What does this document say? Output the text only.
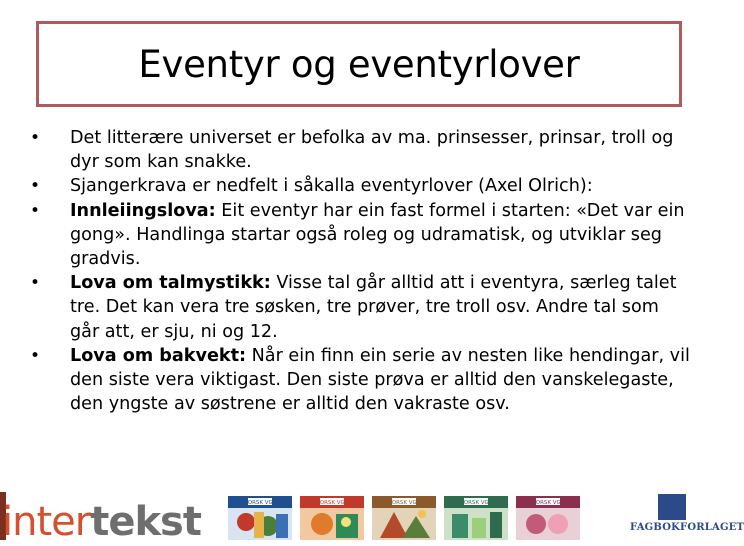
Eventyr og eventyrlover
• Det litterære universet er befolka av ma. prinsesser, prinsar, troll og dyr som kan snakke.
• Sjangerkrava er nedfelt i såkalla eventyrlover (Axel Olrich):
• Innleiingslova: Eit eventyr har ein fast formel i starten: «Det var ein gong». Handlinga startar også roleg og udramatisk, og utviklar seg gradvis.
• Lova om talmystikk: Visse tal går alltid att i eventyra, særleg talet tre. Det kan vera tre søsken, tre prøver, tre troll osv. Andre tal som går att, er sju, ni og 12.
• Lova om bakvekt: Når ein finn ein serie av nesten like hendingar, vil den siste vera viktigast. Den siste prøva er alltid den vanskelegaste, den yngste av søstrene er alltid den vakraste osv.
intertekst	NORSK VG1	NORSK VG1	NORSK VG1	NORSK VG1	NORSK VG1
FAGBOKFORLAGET
